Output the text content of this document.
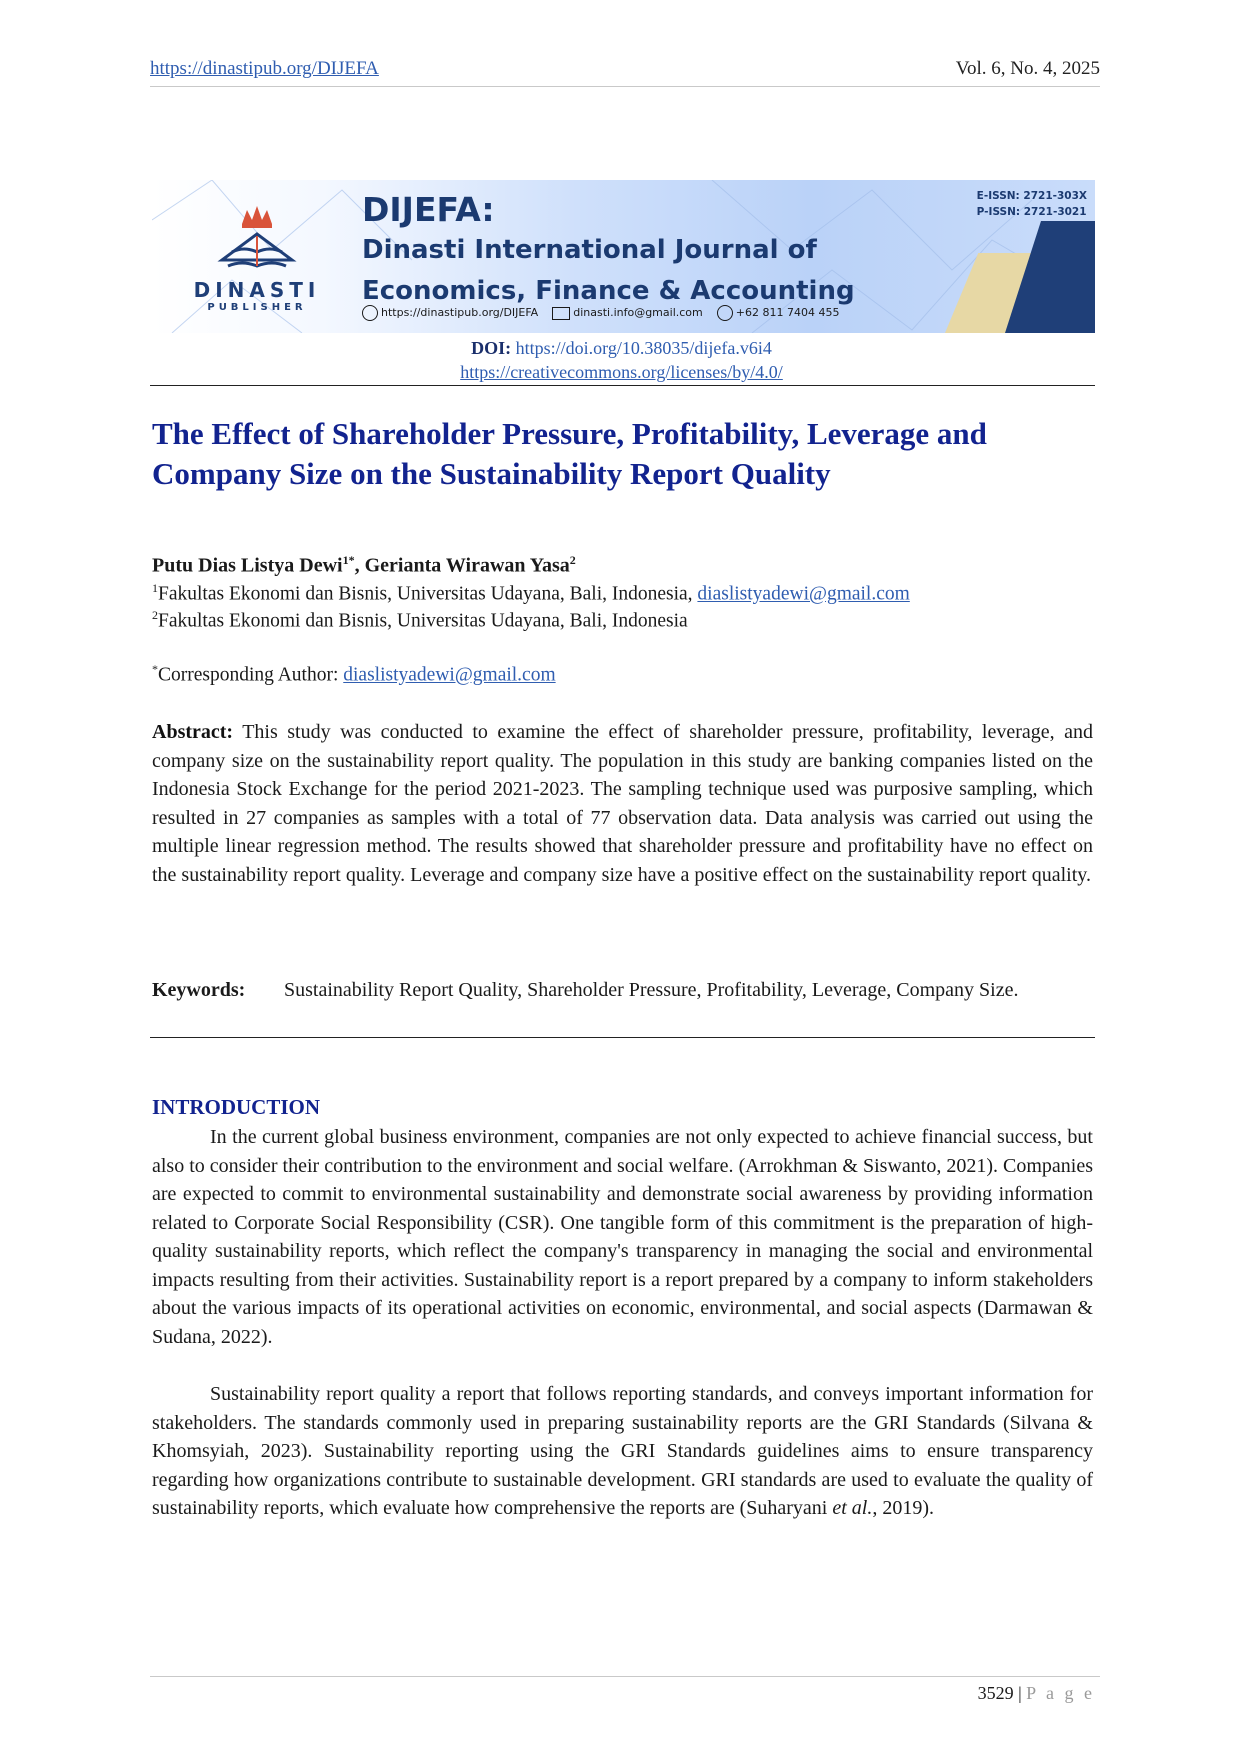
https://dinastipub.org/DIJEFA	Vol. 6, No. 4, 2025
DINASTI
PUBLISHER
DIJEFA:
Dinasti International Journal of
Economics, Finance & Accounting
https://dinastipub.org/DIJEFA	dinasti.info@gmail.com	+62 811 7404 455
E-ISSN: 2721-303X
P-ISSN: 2721-3021
DOI: https://doi.org/10.38035/dijefa.v6i4
https://creativecommons.org/licenses/by/4.0/
The Effect of Shareholder Pressure, Profitability, Leverage and Company Size on the Sustainability Report Quality
Putu Dias Listya Dewi$^{1*}$, Gerianta Wirawan Yasa$^2$
$^1$Fakultas Ekonomi dan Bisnis, Universitas Udayana, Bali, Indonesia, diaslistyadewi@gmail.com
$^2$Fakultas Ekonomi dan Bisnis, Universitas Udayana, Bali, Indonesia
*Corresponding Author: diaslistyadewi@gmail.com

Abstract: This study was conducted to examine the effect of shareholder pressure, profitability, leverage, and company size on the sustainability report quality. The population in this study are banking companies listed on the Indonesia Stock Exchange for the period 2021-2023. The sampling technique used was purposive sampling, which resulted in 27 companies as samples with a total of 77 observation data. Data analysis was carried out using the multiple linear regression method. The results showed that shareholder pressure and profitability have no effect on the sustainability report quality. Leverage and company size have a positive effect on the sustainability report quality.

Keywords: Sustainability Report Quality, Shareholder Pressure, Profitability, Leverage, Company Size.
INTRODUCTION

In the current global business environment, companies are not only expected to achieve financial success, but also to consider their contribution to the environment and social welfare. (Arrokhman & Siswanto, 2021). Companies are expected to commit to environmental sustainability and demonstrate social awareness by providing information related to Corporate Social Responsibility (CSR). One tangible form of this commitment is the preparation of high-quality sustainability reports, which reflect the company's transparency in managing the social and environmental impacts resulting from their activities. Sustainability report is a report prepared by a company to inform stakeholders about the various impacts of its operational activities on economic, environmental, and social aspects (Darmawan & Sudana, 2022).

Sustainability report quality a report that follows reporting standards, and conveys important information for stakeholders. The standards commonly used in preparing sustainability reports are the GRI Standards (Silvana & Khomsyiah, 2023). Sustainability reporting using the GRI Standards guidelines aims to ensure transparency regarding how organizations contribute to sustainable development. GRI standards are used to evaluate the quality of sustainability reports, which evaluate how comprehensive the reports are (Suharyani et al., 2019).

3529 | P a g e
